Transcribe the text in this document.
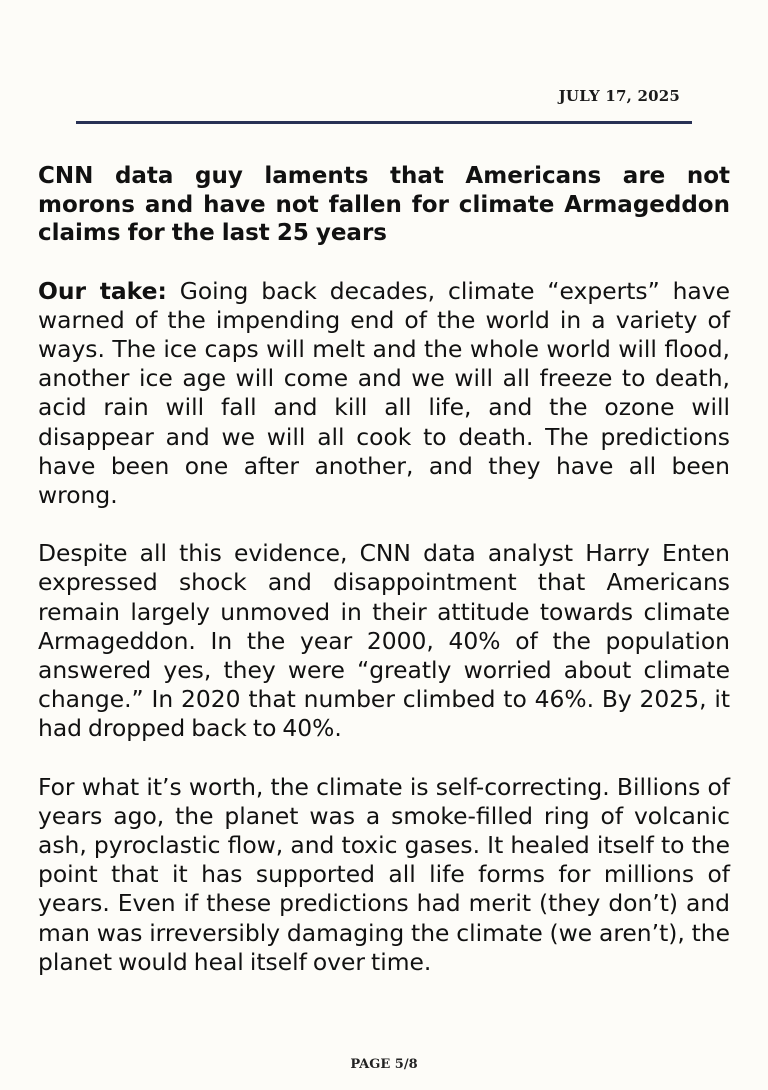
JULY 17, 2025

CNN data guy laments that Americans are not morons and have not fallen for climate Armageddon claims for the last 25 years

Our take: Going back decades, climate “experts” have warned of the impending end of the world in a variety of ways. The ice caps will melt and the whole world will flood, another ice age will come and we will all freeze to death, acid rain will fall and kill all life, and the ozone will disappear and we will all cook to death. The predictions have been one after another, and they have all been wrong.

Despite all this evidence, CNN data analyst Harry Enten expressed shock and disappointment that Americans remain largely unmoved in their attitude towards climate Armageddon. In the year 2000, 40% of the population answered yes, they were “greatly worried about climate change.” In 2020 that number climbed to 46%. By 2025, it had dropped back to 40%.

For what it’s worth, the climate is self-correcting. Billions of years ago, the planet was a smoke-filled ring of volcanic ash, pyroclastic flow, and toxic gases. It healed itself to the point that it has supported all life forms for millions of years. Even if these predictions had merit (they don’t) and man was irreversibly damaging the climate (we aren’t), the planet would heal itself over time.

PAGE 5/8
